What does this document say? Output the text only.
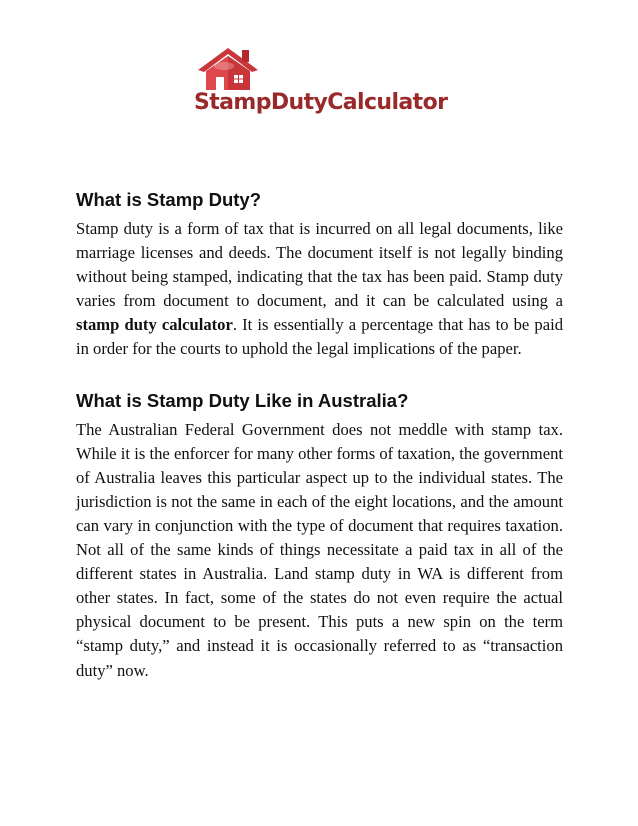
StampDutyCalculator
What is Stamp Duty?

Stamp duty is a form of tax that is incurred on all legal documents, like marriage licenses and deeds. The document itself is not legally binding without being stamped, indicating that the tax has been paid. Stamp duty varies from document to document, and it can be calculated using a stamp duty calculator. It is essentially a percentage that has to be paid in order for the courts to uphold the legal implications of the paper.

What is Stamp Duty Like in Australia?

The Australian Federal Government does not meddle with stamp tax. While it is the enforcer for many other forms of taxation, the government of Australia leaves this particular aspect up to the individual states. The jurisdiction is not the same in each of the eight locations, and the amount can vary in conjunction with the type of document that requires taxation. Not all of the same kinds of things necessitate a paid tax in all of the different states in Australia. Land stamp duty in WA is different from other states. In fact, some of the states do not even require the actual physical document to be present. This puts a new spin on the term “stamp duty,” and instead it is occasionally referred to as “transaction duty” now.
